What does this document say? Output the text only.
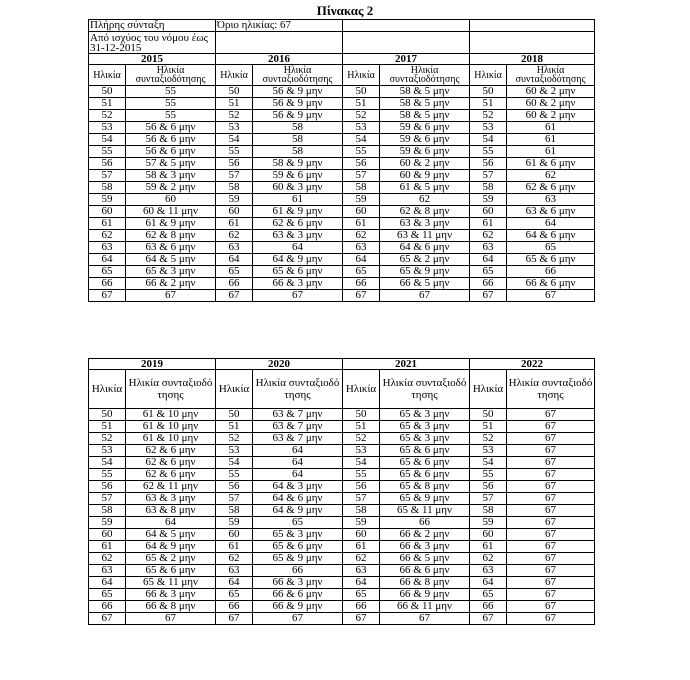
Πίνακας 2
Πλήρης σύνταξη		Όριο ηλικίας: 67					
Από ισχύος του νόμου έως 31-12-2015							
2015		2016		2017		2018	
Ηλικία	Ηλικία συνταξιοδότησης	Ηλικία	Ηλικία συνταξιοδότησης	Ηλικία	Ηλικία συνταξιοδότησης	Ηλικία	Ηλικία συνταξιοδότησης
50	55	50	56 & 9 μην	50	58 & 5 μην	50	60 & 2 μην
51	55	51	56 & 9 μην	51	58 & 5 μην	51	60 & 2 μην
52	55	52	56 & 9 μην	52	58 & 5 μην	52	60 & 2 μην
53	56 & 6 μην	53	58	53	59 & 6 μην	53	61
54	56 & 6 μην	54	58	54	59 & 6 μην	54	61
55	56 & 6 μην	55	58	55	59 & 6 μην	55	61
56	57 & 5 μην	56	58 & 9 μην	56	60 & 2 μην	56	61 & 6 μην
57	58 & 3 μην	57	59 & 6 μην	57	60 & 9 μην	57	62
58	59 & 2 μην	58	60 & 3 μην	58	61 & 5 μην	58	62 & 6 μην
59	60	59	61	59	62	59	63
60	60 & 11 μην	60	61 & 9 μην	60	62 & 8 μην	60	63 & 6 μην
61	61 & 9 μην	61	62 & 6 μην	61	63 & 3 μην	61	64
62	62 & 8 μην	62	63 & 3 μην	62	63 & 11 μην	62	64 & 6 μην
63	63 & 6 μην	63	64	63	64 & 6 μην	63	65
64	64 & 5 μην	64	64 & 9 μην	64	65 & 2 μην	64	65 & 6 μην
65	65 & 3 μην	65	65 & 6 μην	65	65 & 9 μην	65	66
66	66 & 2 μην	66	66 & 3 μην	66	66 & 5 μην	66	66 & 6 μην
67	67	67	67	67	67	67	67
2019		2020		2021		2022	
Ηλικία	Ηλικία συνταξιοδότησης	Ηλικία	Ηλικία συνταξιοδότησης	Ηλικία	Ηλικία συνταξιοδότησης	Ηλικία	Ηλικία συνταξιοδότησης
50	61 & 10 μην	50	63 & 7 μην	50	65 & 3 μην	50	67
51	61 & 10 μην	51	63 & 7 μην	51	65 & 3 μην	51	67
52	61 & 10 μην	52	63 & 7 μην	52	65 & 3 μην	52	67
53	62 & 6 μην	53	64	53	65 & 6 μην	53	67
54	62 & 6 μην	54	64	54	65 & 6 μην	54	67
55	62 & 6 μην	55	64	55	65 & 6 μην	55	67
56	62 & 11 μην	56	64 & 3 μην	56	65 & 8 μην	56	67
57	63 & 3 μην	57	64 & 6 μην	57	65 & 9 μην	57	67
58	63 & 8 μην	58	64 & 9 μην	58	65 & 11 μην	58	67
59	64	59	65	59	66	59	67
60	64 & 5 μην	60	65 & 3 μην	60	66 & 2 μην	60	67
61	64 & 9 μην	61	65 & 6 μην	61	66 & 3 μην	61	67
62	65 & 2 μην	62	65 & 9 μην	62	66 & 5 μην	62	67
63	65 & 6 μην	63	66	63	66 & 6 μην	63	67
64	65 & 11 μην	64	66 & 3 μην	64	66 & 8 μην	64	67
65	66 & 3 μην	65	66 & 6 μην	65	66 & 9 μην	65	67
66	66 & 8 μην	66	66 & 9 μην	66	66 & 11 μην	66	67
67	67	67	67	67	67	67	67
